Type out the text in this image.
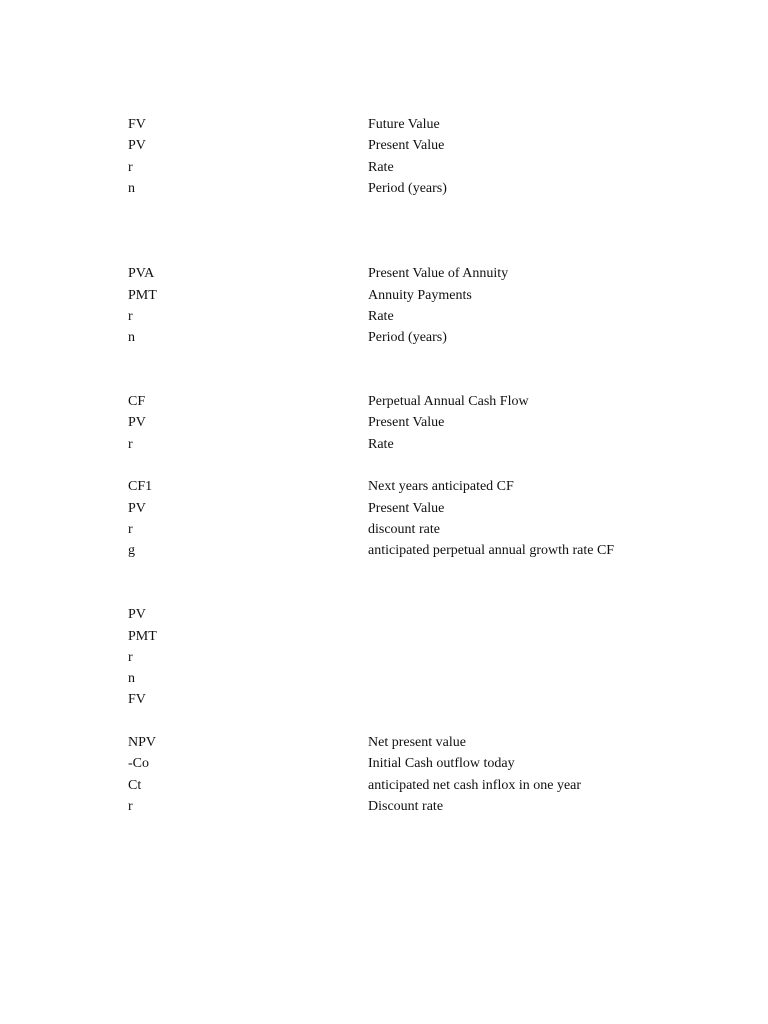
FV	Future Value
PV	Present Value
r	Rate
n	Period (years)
PVA	Present Value of Annuity
PMT	Annuity Payments
r	Rate
n	Period (years)
CF	Perpetual Annual Cash Flow
PV	Present Value
r	Rate
CF1	Next years anticipated CF
PV	Present Value
r	discount rate
g	anticipated perpetual annual growth rate CF
PV
PMT
r
n
FV
NPV	Net present value
-Co	Initial Cash outflow today
Ct	anticipated net cash inflox in one year
r	Discount rate
